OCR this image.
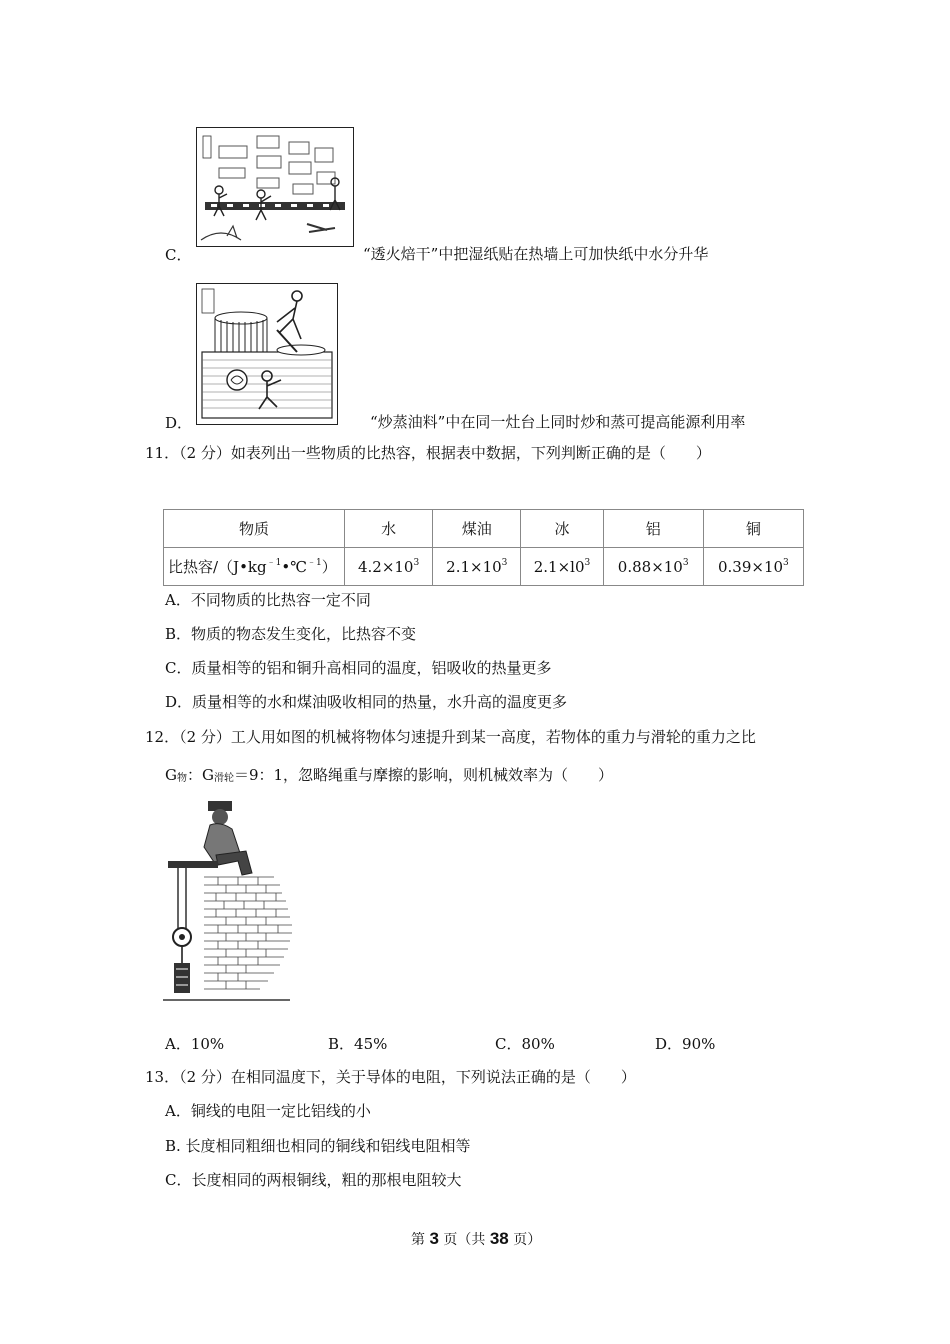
C．	“透火焙干”中把湿纸贴在热墙上可加快纸中水分升华
D．	“炒蒸油料”中在同一灶台上同时炒和蒸可提高能源利用率
11．（2 分）如表列出一些物质的比热容，根据表中数据，下列判断正确的是（　　）
物质	水	煤油	冰	铝	铜
比热容$/(J•kg^{﹣1}•℃^{﹣1})$	$4.2\times 10^3$	$2.1\times 10^3$	$2.1\times l0^3$	$0.88\times 10^3$	$0.39\times 10^3$
A．不同物质的比热容一定不同
B．物质的物态发生变化，比热容不变
C．质量相等的铝和铜升高相同的温度，铝吸收的热量更多
D．质量相等的水和煤油吸收相同的热量，水升高的温度更多
12．（2 分）工人用如图的机械将物体匀速提升到某一高度，若物体的重力与滑轮的重力之比
$G_物$：$G_{滑轮}=9$：1，忽略绳重与摩擦的影响，则机械效率为（　　）
A．10%	B．45%	C．80%	D．90%
13．（2 分）在相同温度下，关于导体的电阻，下列说法正确的是（　　）
A．铜线的电阻一定比铝线的小
B. 长度相同粗细也相同的铜线和铝线电阻相等
C．长度相同的两根铜线，粗的那根电阻较大
第 3 页（共 38 页）
